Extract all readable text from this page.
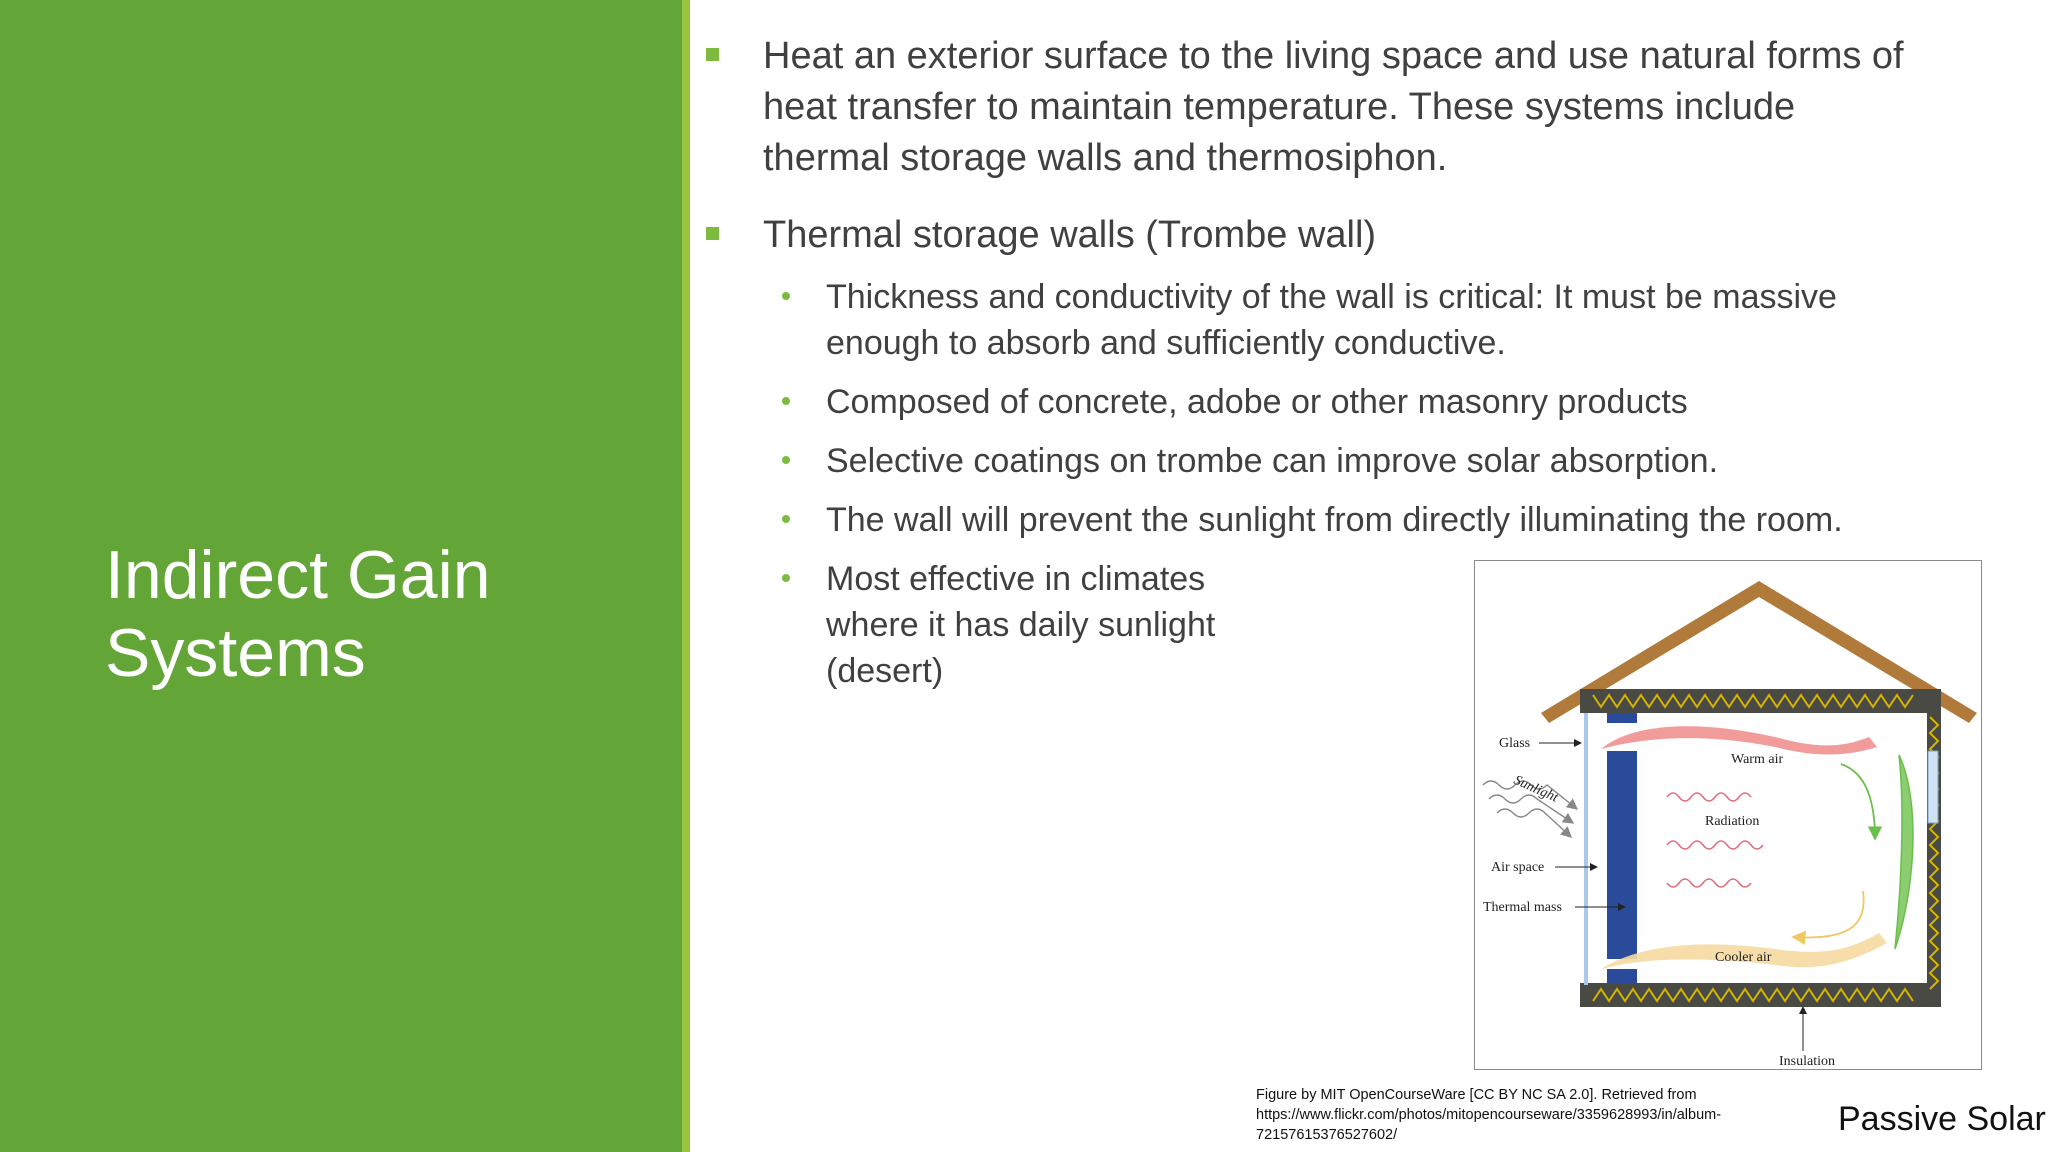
Indirect Gain
Systems
Heat an exterior surface to the living space and use natural forms of
heat transfer to maintain temperature. These systems include
thermal storage walls and thermosiphon.
Thermal storage walls (Trombe wall)
Thickness and conductivity of the wall is critical: It must be massive
enough to absorb and sufficiently conductive.
Composed of concrete, adobe or other masonry products
Selective coatings on trombe can improve solar absorption.
The wall will prevent the sunlight from directly illuminating the room.
Most effective in climates
where it has daily sunlight
(desert)
Glass
Sunlight
Air space
Thermal mass
Warm air
Radiation
Cooler air
Insulation
Figure by MIT OpenCourseWare [CC BY NC SA 2.0]. Retrieved from
https://www.flickr.com/photos/mitopencourseware/3359628993/in/album-
72157615376527602/	Passive Solar
